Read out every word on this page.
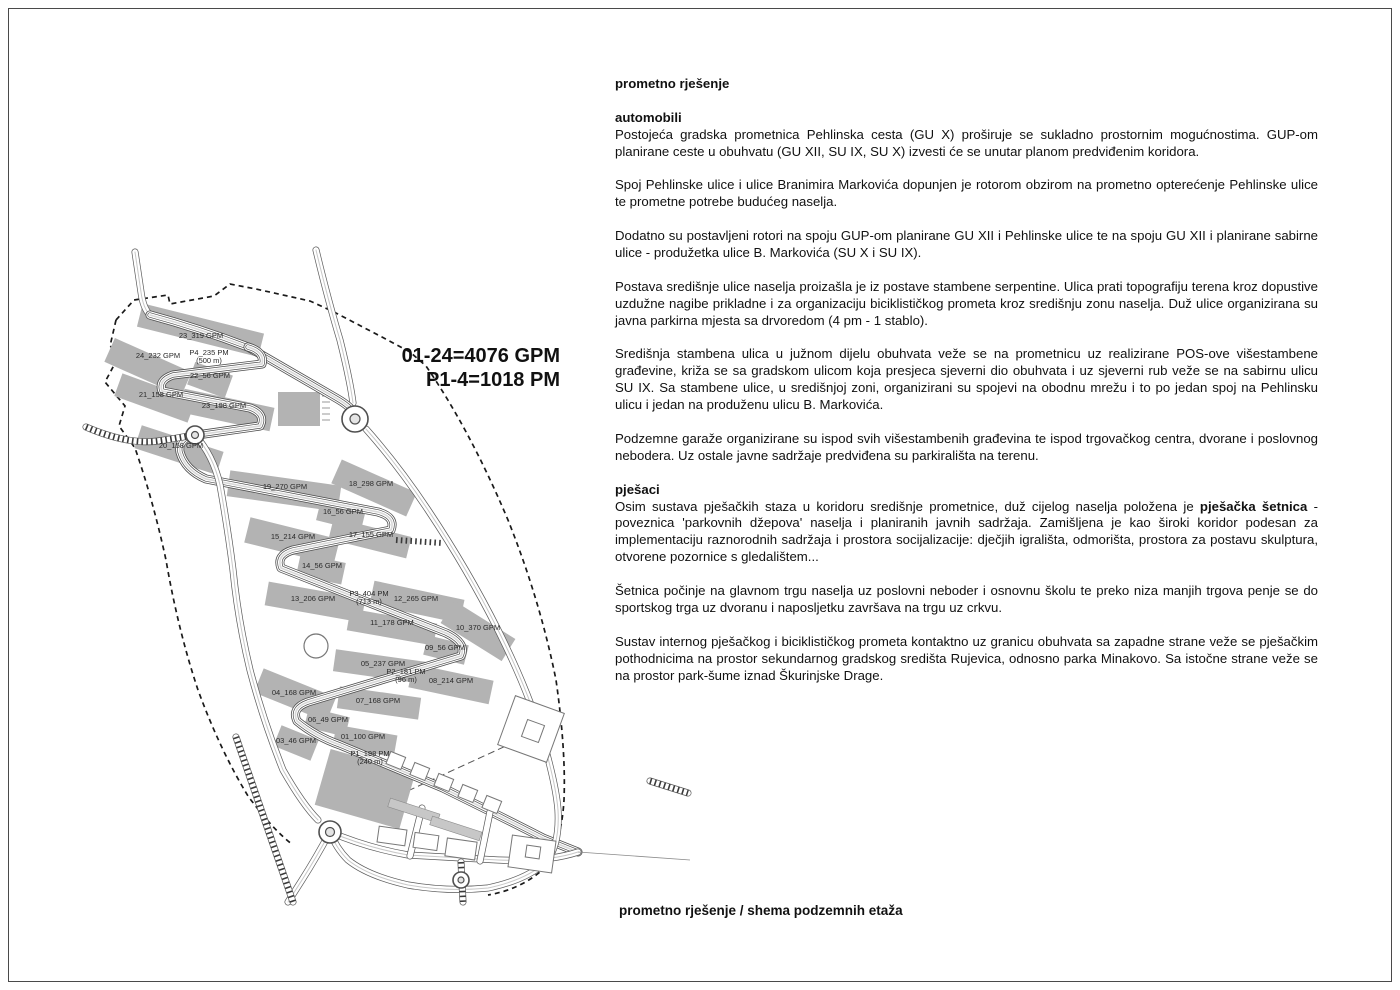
23_319 GPM
24_232 GPM
22_56 GPM
21_158 GPM
23_198 GPM
20_158 GPM
19_270 GPM	18_298 GPM
16_56 GPM
15_214 GPM	17_155 GPM
14_56 GPM
13_206 GPM	12_265 GPM
11_178 GPM
10_370 GPM
09_56 GPM
05_237 GPM
08_214 GPM
04_168 GPM
07_168 GPM
06_49 GPM
03_46 GPM	01_100 GPM
P4_235 PM
(500 m)
P3_404 PM
(713 m)
P2_181 PM
(96 m)
P1_198 PM
(240 m)
01-24=4076 GPM
P1-4=1018 PM
prometno rješenje
automobili
Postojeća gradska prometnica Pehlinska cesta (GU X) proširuje se sukladno prostornim mogućnostima. GUP-om planirane ceste u obuhvatu (GU XII, SU IX, SU X) izvesti će se unutar planom predviđenim koridora.
Spoj Pehlinske ulice i ulice Branimira Markovića dopunjen je rotorom obzirom na prometno opterećenje Pehlinske ulice te prometne potrebe budućeg naselja.
Dodatno su postavljeni rotori na spoju GUP-om planirane GU XII i Pehlinske ulice te na spoju GU XII i planirane sabirne ulice - produžetka ulice B. Markovića (SU X i SU IX).
Postava središnje ulice naselja proizašla je iz postave stambene serpentine. Ulica prati topografiju terena kroz dopustive uzdužne nagibe prikladne i za organizaciju biciklističkog prometa kroz središnju zonu naselja. Duž ulice organizirana su javna parkirna mjesta sa drvoredom (4 pm - 1 stablo).
Središnja stambena ulica u južnom dijelu obuhvata veže se na prometnicu uz realizirane POS-ove višestambene građevine, križa se sa gradskom ulicom koja presjeca sjeverni dio obuhvata i uz sjeverni rub veže se na sabirnu ulicu SU IX. Sa stambene ulice, u središnjoj zoni, organizirani su spojevi na obodnu mrežu i to po jedan spoj na Pehlinsku ulicu i jedan na produženu ulicu B. Markovića.
Podzemne garaže organizirane su ispod svih višestambenih građevina te ispod trgovačkog centra, dvorane i poslovnog nebodera. Uz ostale javne sadržaje predviđena su parkirališta na terenu.
pješaci
Osim sustava pješačkih staza u koridoru središnje prometnice, duž cijelog naselja položena je pješačka šetnica - poveznica 'parkovnih džepova' naselja i planiranih javnih sadržaja. Zamišljena je kao široki koridor podesan za implementaciju raznorodnih sadržaja i prostora socijalizacije: dječjih igrališta, odmorišta, prostora za postavu skulptura, otvorene pozornice s gledalištem...
Šetnica počinje na glavnom trgu naselja uz poslovni neboder i osnovnu školu te preko niza manjih trgova penje se do sportskog trga uz dvoranu i naposljetku završava na trgu uz crkvu.
Sustav internog pješačkog i biciklističkog prometa kontaktno uz granicu obuhvata sa zapadne strane veže se pješačkim pothodnicima na prostor sekundarnog gradskog središta Rujevica, odnosno parka Minakovo. Sa istočne strane veže se na prostor park-šume iznad Škurinjske Drage.
prometno rješenje / shema podzemnih etaža
